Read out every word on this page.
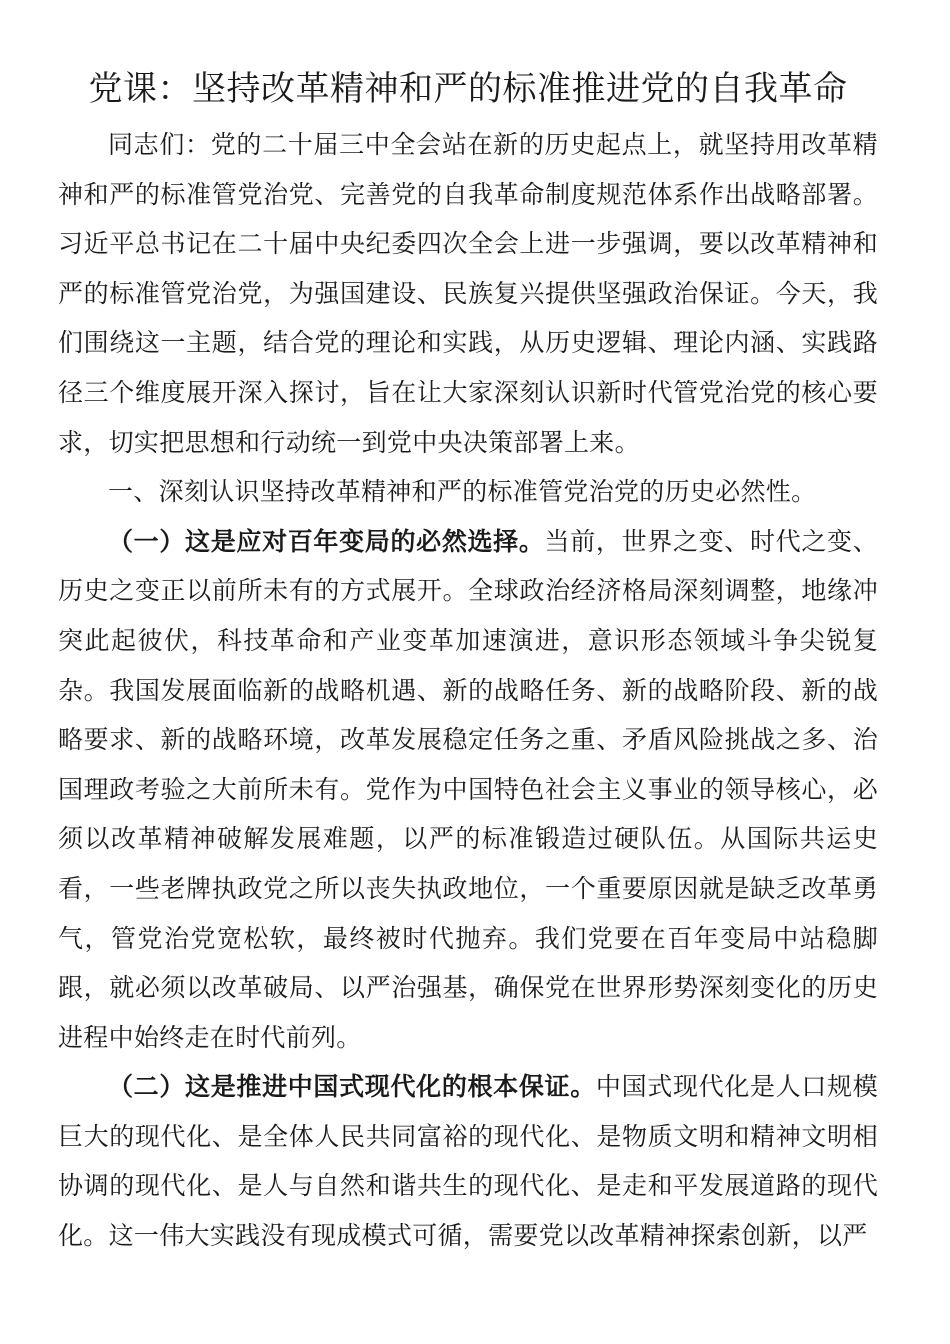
党课：坚持改革精神和严的标准推进党的自我革命

同志们：党的二十届三中全会站在新的历史起点上，就坚持用改革精神和严的标准管党治党、完善党的自我革命制度规范体系作出战略部署。习近平总书记在二十届中央纪委四次全会上进一步强调，要以改革精神和严的标准管党治党，为强国建设、民族复兴提供坚强政治保证。今天，我们围绕这一主题，结合党的理论和实践，从历史逻辑、理论内涵、实践路径三个维度展开深入探讨，旨在让大家深刻认识新时代管党治党的核心要求，切实把思想和行动统一到党中央决策部署上来。

一、深刻认识坚持改革精神和严的标准管党治党的历史必然性。

（一）这是应对百年变局的必然选择。当前，世界之变、时代之变、历史之变正以前所未有的方式展开。全球政治经济格局深刻调整，地缘冲突此起彼伏，科技革命和产业变革加速演进，意识形态领域斗争尖锐复杂。我国发展面临新的战略机遇、新的战略任务、新的战略阶段、新的战略要求、新的战略环境，改革发展稳定任务之重、矛盾风险挑战之多、治国理政考验之大前所未有。党作为中国特色社会主义事业的领导核心，必须以改革精神破解发展难题，以严的标准锻造过硬队伍。从国际共运史看，一些老牌执政党之所以丧失执政地位，一个重要原因就是缺乏改革勇气，管党治党宽松软，最终被时代抛弃。我们党要在百年变局中站稳脚跟，就必须以改革破局、以严治强基，确保党在世界形势深刻变化的历史进程中始终走在时代前列。

（二）这是推进中国式现代化的根本保证。中国式现代化是人口规模巨大的现代化、是全体人民共同富裕的现代化、是物质文明和精神文明相协调的现代化、是人与自然和谐共生的现代化、是走和平发展道路的现代化。这一伟大实践没有现成模式可循，需要党以改革精神探索创新，以严
